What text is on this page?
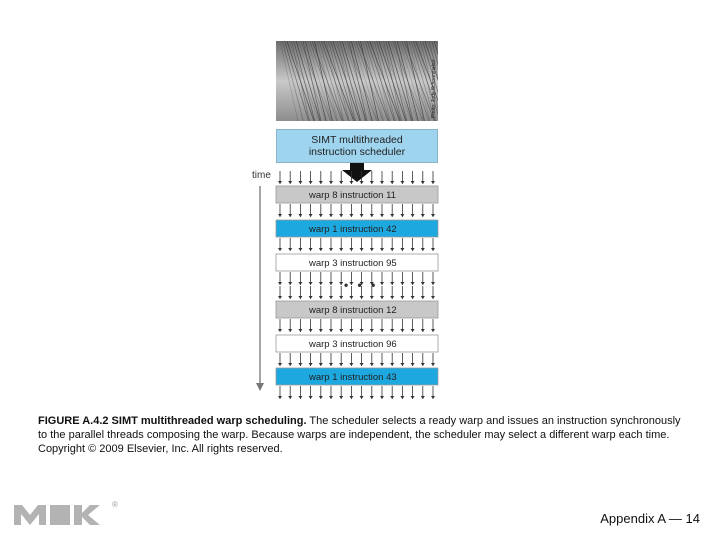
Photo: Judy Schoonmaker
SIMT multithreaded
instruction scheduler
time
warp 8 instruction 11
warp 1 instruction 42
warp 3 instruction 95
warp 8 instruction 12
warp 3 instruction 96
warp 1 instruction 43
• • •
FIGURE A.4.2 SIMT multithreaded warp scheduling. The scheduler selects a ready warp and issues an instruction synchronously to the parallel threads composing the warp. Because warps are independent, the scheduler may select a different warp each time. Copyright © 2009 Elsevier, Inc. All rights reserved.
®
Appendix A — 14
